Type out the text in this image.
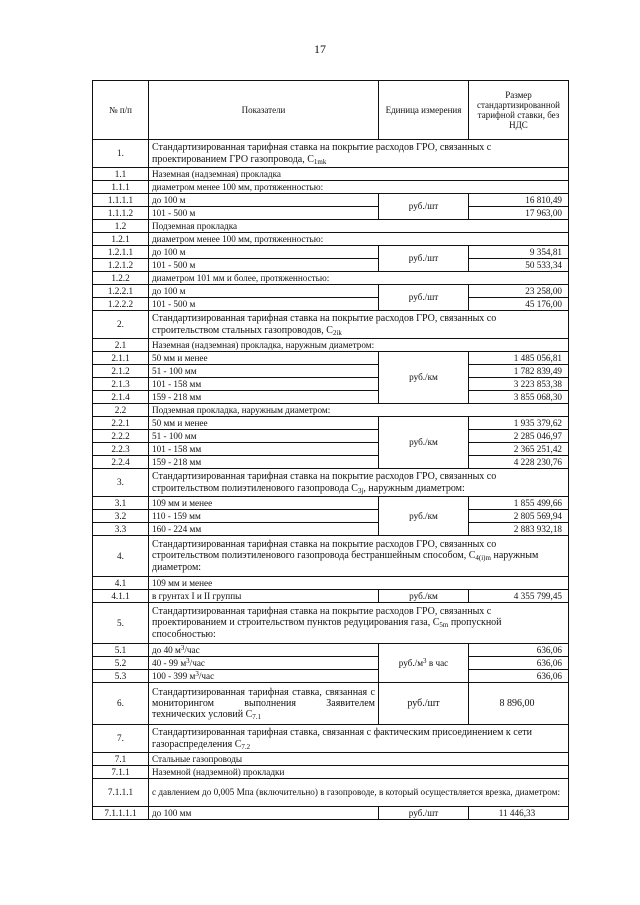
17
№ п/п	Показатели	Единица измерения	Размер стандартизированной тарифной ставки, без НДС
1.	Стандартизированная тарифная ставка на покрытие расходов ГРО, связанных с проектированием ГРО газопровода, $C_{1mk}$
1.1	Наземная (надземная) прокладка		
1.1.1	диаметром менее 100 мм, протяженностью:		
1.1.1.1	до 100 м	руб./шт	16 810,49
1.1.1.2	101 - 500 м		17 963,00
1.2	Подземная прокладка		
1.2.1	диаметром менее 100 мм, протяженностью:		
1.2.1.1	до 100 м	руб./шт	9 354,81
1.2.1.2	101 - 500 м		50 533,34
1.2.2	диаметром 101 мм и более, протяженностью:		
1.2.2.1	до 100 м	руб./шт	23 258,00
1.2.2.2	101 - 500 м		45 176,00
2.	Стандартизированная тарифная ставка на покрытие расходов ГРО, связанных со строительством стальных газопроводов, $C_{2ik}$
2.1	Наземная (надземная) прокладка, наружным диаметром:		
2.1.1	50 мм и менее	руб./км	1 485 056,81
2.1.2	51 - 100 мм		1 782 839,49
2.1.3	101 - 158 мм		3 223 853,38
2.1.4	159 - 218 мм		3 855 068,30
2.2	Подземная прокладка, наружным диаметром:		
2.2.1	50 мм и менее	руб./км	1 935 379,62
2.2.2	51 - 100 мм		2 285 046,97
2.2.3	101 - 158 мм		2 365 251,42
2.2.4	159 - 218 мм		4 228 230,76
3.	Стандартизированная тарифная ставка на покрытие расходов ГРО, связанных со строительством полиэтиленового газопровода $C_{3j}$, наружным диаметром:		
3.1	109 мм и менее	руб./км	1 855 499,66
3.2	110 - 159 мм		2 805 569,94
3.3	160 - 224 мм		2 883 932,18
4.	Стандартизированная тарифная ставка на покрытие расходов ГРО, связанных со строительством полиэтиленового газопровода бестраншейным способом, $C_{4(i)m}$ наружным диаметром:		
4.1	109 мм и менее		
4.1.1	в грунтах I и II группы	руб./км	4 355 799,45
5.	Стандартизированная тарифная ставка на покрытие расходов ГРО, связанных с проектированием и строительством пунктов редуцирования газа, $C_{5m}$ пропускной способностью:		
5.1	до 40 $м^3$/час	$руб./м^3$ в час	636,06
5.2	40 - 99 $м^3$/час		636,06
5.3	100 - 399 $м^3$/час		636,06
6.	Стандартизированная тарифная ставка, связанная с мониторингом выполнения Заявителем технических условий $C_{7.1}$	руб./шт	8 896,00
7.	Стандартизированная тарифная ставка, связанная с фактическим присоединением к сети газораспределения $C_{7.2}$
7.1	Стальные газопроводы		
7.1.1	Наземной (надземной) прокладки		
7.1.1.1	с давлением до 0,005 Мпа (включительно) в газопроводе, в который осуществляется врезка, диаметром:		
7.1.1.1.1	до 100 мм	руб./шт	11 446,33
